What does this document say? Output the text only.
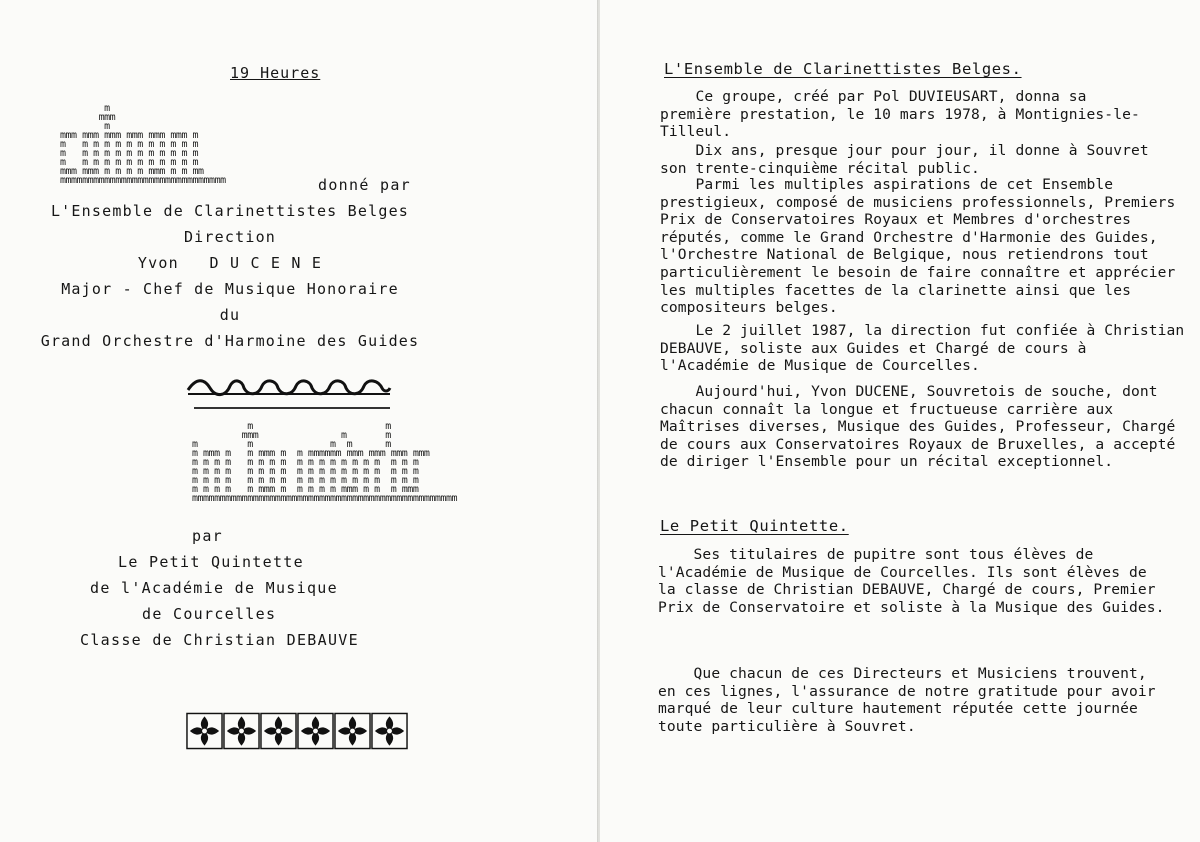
19 Heures
m
mmm
m
mmm mmm mmm mmm mmm mmm m
m   m m m m m m m m m m m
m   m m m m m m m m m m m
m   m m m m m m m m m m m
mmm mmm m m m m mmm m m mm
mmmmmmmmmmmmmmmmmmmmmmmmmmmmmm	donné par
L'Ensemble de Clarinettistes Belges
Direction
Yvon   D U C E N E
Major - Chef de Musique Honoraire
du
Grand Orchestre d'Harmoine des Guides
m                        m
mmm               m       m
m         m              m  m      m
m mmm m   m mmm m  m mmmmmm mmm mmm mmm mmm
m m m m   m m m m  m m m m m m m m  m m m
m m m m   m m m m  m m m m m m m m  m m m
m m m m   m m m m  m m m m m m m m  m m m
m m m m   m mmm m  m m m m mmm m m  m mmm
mmmmmmmmmmmmmmmmmmmmmmmmmmmmmmmmmmmmmmmmmmmmmmmm
par
Le Petit Quintette
de l'Académie de Musique
de Courcelles
Classe de Christian DEBAUVE
L'Ensemble de Clarinettistes Belges.
Ce groupe, créé par Pol DUVIEUSART, donna sa
première prestation, le 10 mars 1978, à Montignies-le-
Tilleul.
Dix ans, presque jour pour jour, il donne à Souvret
son trente-cinquième récital public.
Parmi les multiples aspirations de cet Ensemble
prestigieux, composé de musiciens professionnels, Premiers
Prix de Conservatoires Royaux et Membres d'orchestres
réputés, comme le Grand Orchestre d'Harmonie des Guides,
l'Orchestre National de Belgique, nous retiendrons tout
particulièrement le besoin de faire connaître et apprécier
les multiples facettes de la clarinette ainsi que les
compositeurs belges.
Le 2 juillet 1987, la direction fut confiée à Christian
DEBAUVE, soliste aux Guides et Chargé de cours à
l'Académie de Musique de Courcelles.
Aujourd'hui, Yvon DUCENE, Souvretois de souche, dont
chacun connaît la longue et fructueuse carrière aux
Maîtrises diverses, Musique des Guides, Professeur, Chargé
de cours aux Conservatoires Royaux de Bruxelles, a accepté
de diriger l'Ensemble pour un récital exceptionnel.
Le Petit Quintette.
Ses titulaires de pupitre sont tous élèves de
l'Académie de Musique de Courcelles. Ils sont élèves de
la classe de Christian DEBAUVE, Chargé de cours, Premier
Prix de Conservatoire et soliste à la Musique des Guides.
Que chacun de ces Directeurs et Musiciens trouvent,
en ces lignes, l'assurance de notre gratitude pour avoir
marqué de leur culture hautement réputée cette journée
toute particulière à Souvret.
